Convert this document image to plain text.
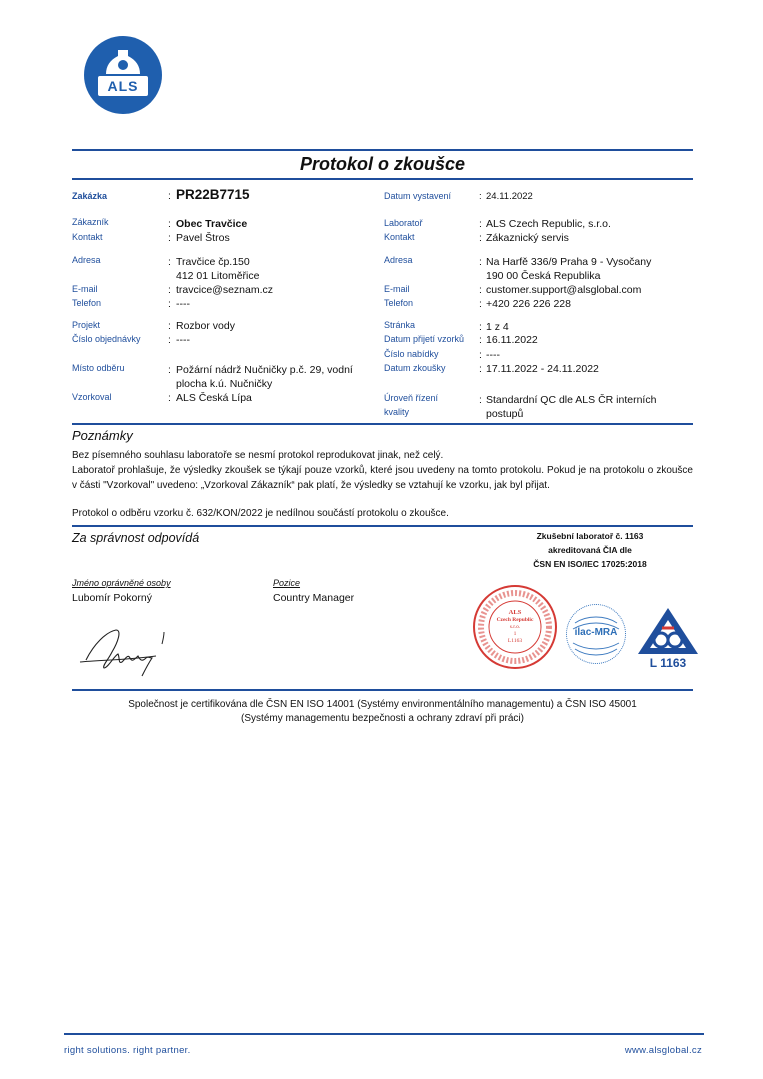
ALS
Protokol o zkoušce
Zakázka	: PR22B7715
Zákazník	: Obec Travčice
Kontakt	: Pavel Štros
Adresa	: Travčice čp.150
412 01 Litoměřice
E-mail	: travcice@seznam.cz
Telefon	: ----
Projekt	: Rozbor vody
Číslo objednávky	: ----
Místo odběru	: Požární nádrž Nučničky p.č. 29, vodní
plocha k.ú. Nučničky
Vzorkoval	: ALS Česká Lípa
Datum vystavení	: 24.11.2022
Laboratoř	: ALS Czech Republic, s.r.o.
Kontakt	: Zákaznický servis
Adresa	: Na Harfě 336/9 Praha 9 - Vysočany
190 00 Česká Republika
E-mail	: customer.support@alsglobal.com
Telefon	: +420 226 226 228
Stránka	: 1 z 4
Datum přijetí vzorků : 16.11.2022
Číslo nabídky	: ----
Datum zkoušky	: 17.11.2022 - 24.11.2022
Úroveň řízení
kvality
: Standardní QC dle ALS ČR interních
postupů
Poznámky
Bez písemného souhlasu laboratoře se nesmí protokol reprodukovat jinak, než celý.
Laboratoř prohlašuje, že výsledky zkoušek se týkají pouze vzorků, které jsou uvedeny na tomto protokolu. Pokud je na protokolu o zkoušce v části "Vzorkoval" uvedeno: „Vzorkoval Zákazník“ pak platí, že výsledky se vztahují ke vzorku, jak byl přijat.
Protokol o odběru vzorku č. 632/KON/2022 je nedílnou součástí protokolu o zkoušce.
Za správnost odpovídá	Zkušební laboratoř č. 1163
akreditovaná ČIA dle
ČSN EN ISO/IEC 17025:2018
Jméno oprávněné osoby
Lubomír Pokorný
Pozice
Country Manager
ALS
Czech Republic
s.r.o.
1
L1163
ilac-MRA
L 1163
Společnost je certifikována dle ČSN EN ISO 14001 (Systémy environmentálního managementu) a ČSN ISO 45001
(Systémy managementu bezpečnosti a ochrany zdraví při práci)
right solutions. right partner.	www.alsglobal.cz
